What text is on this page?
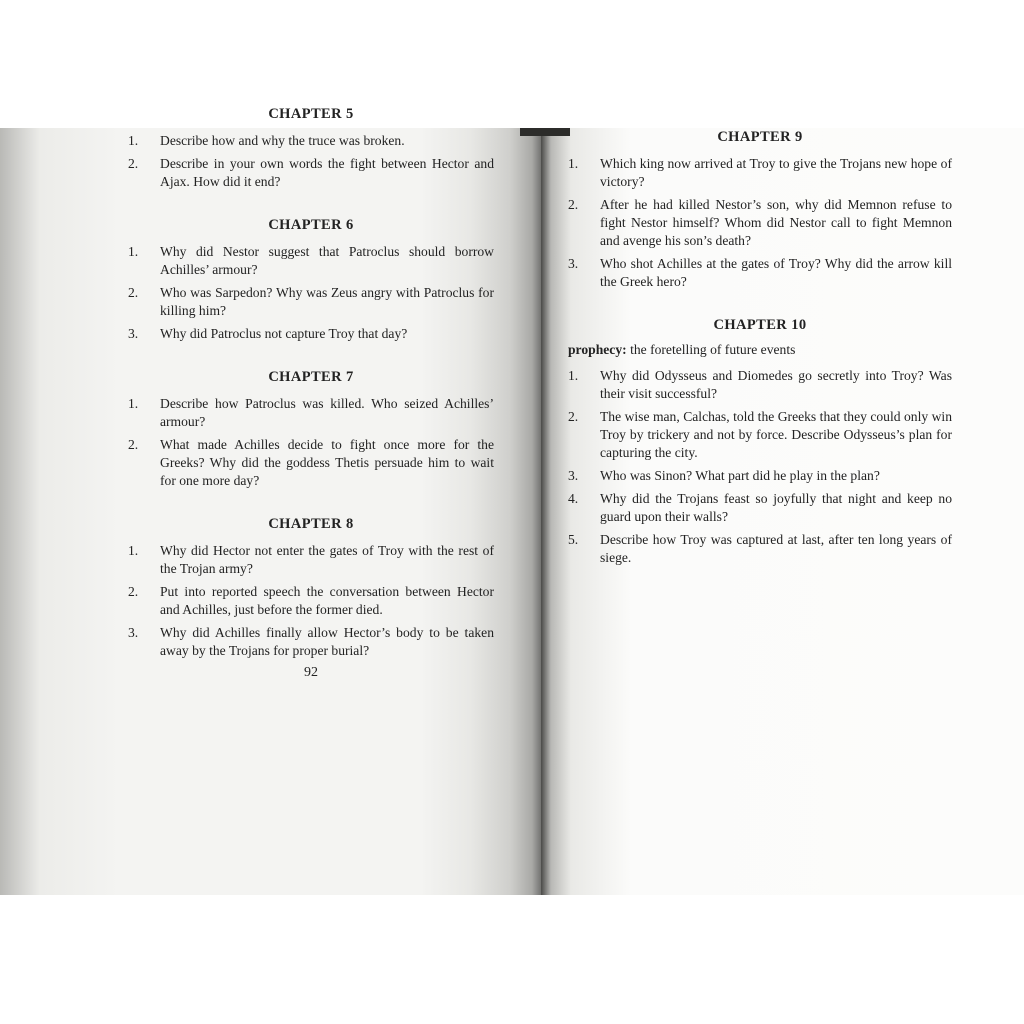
CHAPTER 5
1. Describe how and why the truce was broken.
2. Describe in your own words the fight between Hector and Ajax. How did it end?
CHAPTER 6
1. Why did Nestor suggest that Patroclus should borrow Achilles’ armour?
2. Who was Sarpedon? Why was Zeus angry with Patroclus for killing him?
3. Why did Patroclus not capture Troy that day?
CHAPTER 7
1. Describe how Patroclus was killed. Who seized Achilles’ armour?
2. What made Achilles decide to fight once more for the Greeks? Why did the goddess Thetis persuade him to wait for one more day?
CHAPTER 8
1. Why did Hector not enter the gates of Troy with the rest of the Trojan army?
2. Put into reported speech the conversation between Hector and Achilles, just before the former died.
3. Why did Achilles finally allow Hector’s body to be taken away by the Trojans for proper burial?
92
CHAPTER 9
1. Which king now arrived at Troy to give the Trojans new hope of victory?
2. After he had killed Nestor’s son, why did Memnon refuse to fight Nestor himself? Whom did Nestor call to fight Memnon and avenge his son’s death?
3. Who shot Achilles at the gates of Troy? Why did the arrow kill the Greek hero?
CHAPTER 10
prophecy: the foretelling of future events
1. Why did Odysseus and Diomedes go secretly into Troy? Was their visit successful?
2. The wise man, Calchas, told the Greeks that they could only win Troy by trickery and not by force. Describe Odysseus’s plan for capturing the city.
3. Who was Sinon? What part did he play in the plan?
4. Why did the Trojans feast so joyfully that night and keep no guard upon their walls?
5. Describe how Troy was captured at last, after ten long years of siege.
